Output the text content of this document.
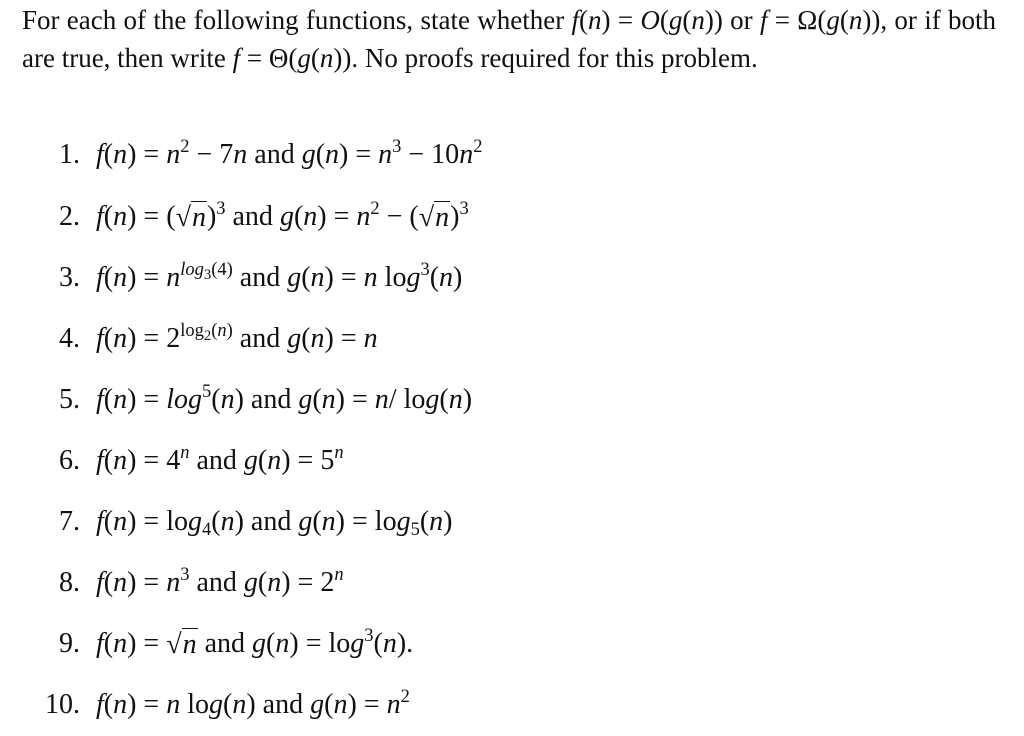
For each of the following functions, state whether f(n) = O(g(n)) or f = Ω(g(n)), or if both are true, then write f = Θ(g(n)). No proofs required for this problem.
1. $f(n) = n^2 - 7n$ and $g(n) = n^3 - 10n^2$
2. $f(n) = (√n)^3$ and $g(n) = n^2 - (√n)^3$
3. $f(n) = n^{log_3(4)}$ and g(n) = n $\log^3(n)$
4. $f(n) = 2^{log_2(n)}$ and g(n) = n
5. $f(n) = \log^5(n)$ and g(n) = n/ log(n)
6. $f(n) = 4^n$ and $g(n) = 5^n$
7. $f(n) = \log_4(n)$ and $g(n) = \log_5(n)$
8. $f(n) = n^3$ and $g(n) = 2^n$
9. f(n) = √n and $g(n) = \log^3(n)$.
10. f(n) = n log(n) and $g(n) = n^2$
